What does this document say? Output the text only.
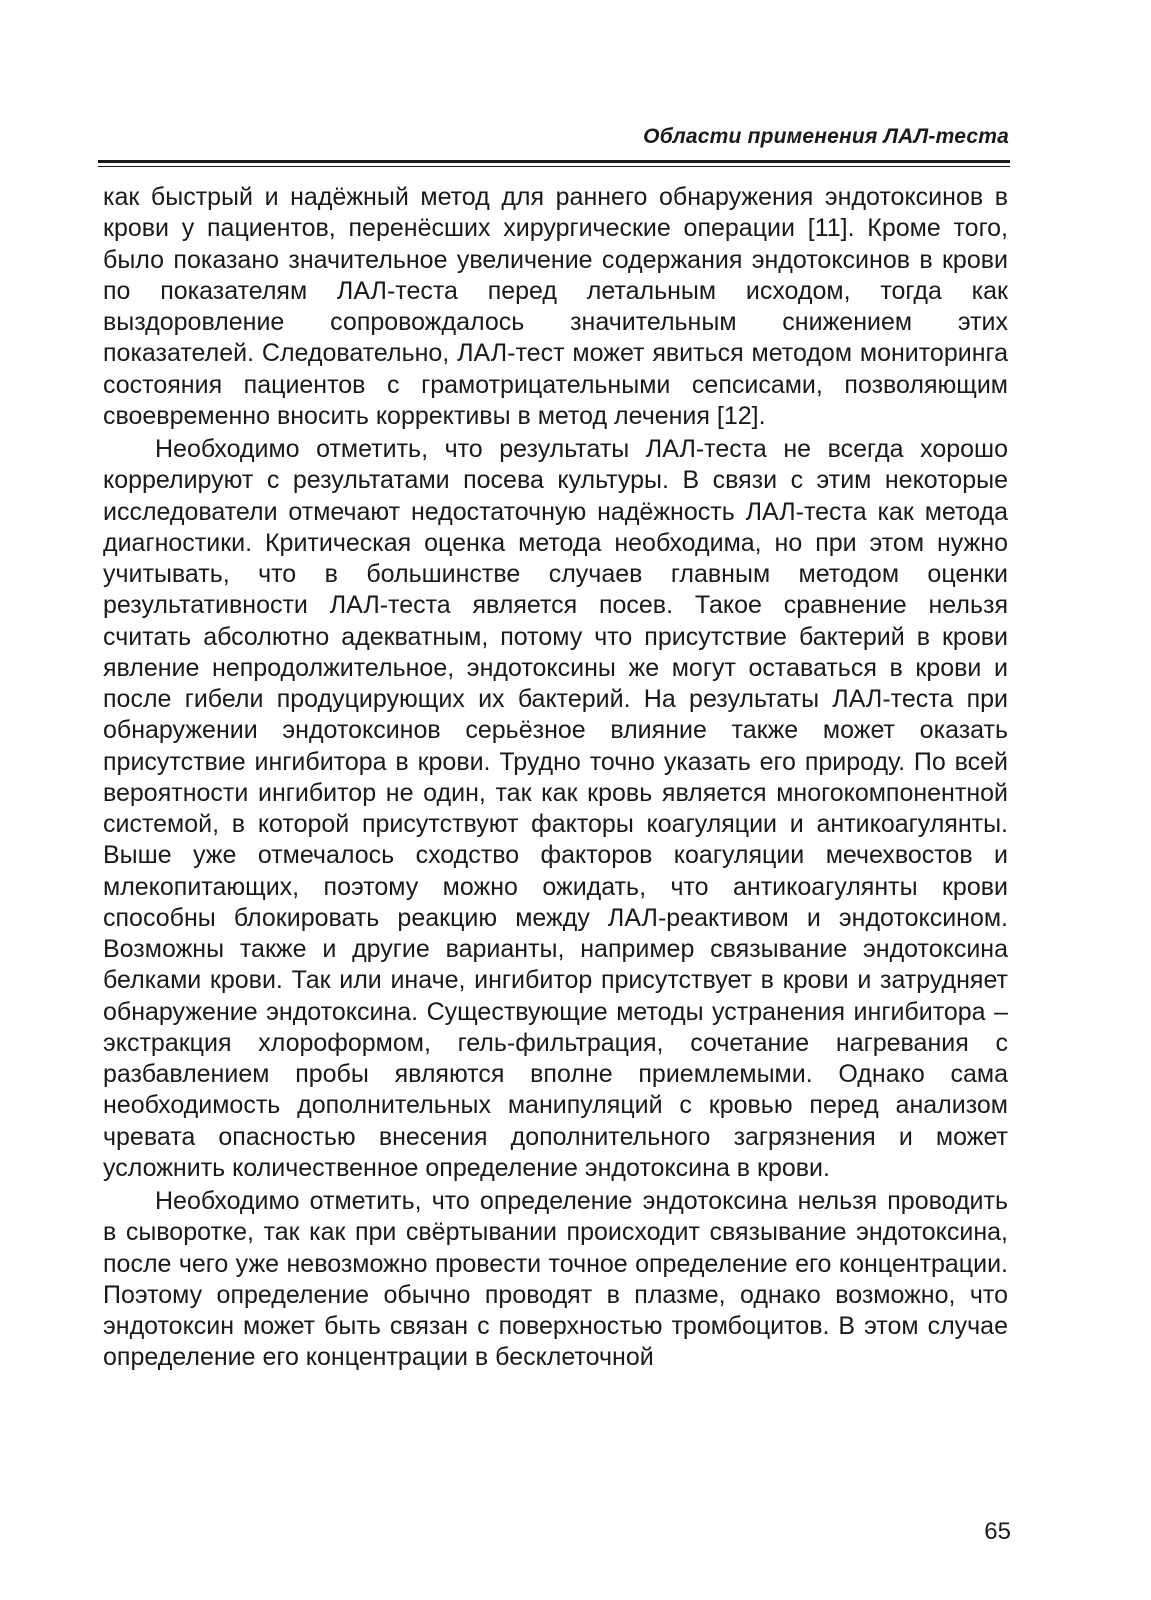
Области применения ЛАЛ-теста

как быстрый и надёжный метод для раннего обнаружения эндотоксинов в крови у пациентов, перенёсших хирургические операции [11]. Кроме того, было показано значительное увеличение содержания эндотоксинов в крови по показателям ЛАЛ-теста перед летальным исходом, тогда как выздоровление сопровождалось значительным снижением этих показателей. Следовательно, ЛАЛ-тест может явиться методом мониторинга состояния пациентов с грамотрицательными сепсисами, позволяющим своевременно вносить коррективы в метод лечения [12].

Необходимо отметить, что результаты ЛАЛ-теста не всегда хорошо коррелируют с результатами посева культуры. В связи с этим некоторые исследователи отмечают недостаточную надёжность ЛАЛ-теста как метода диагностики. Критическая оценка метода необходима, но при этом нужно учитывать, что в большинстве случаев главным методом оценки результативности ЛАЛ-теста является посев. Такое сравнение нельзя считать абсолютно адекватным, потому что присутствие бактерий в крови явление непродолжительное, эндотоксины же могут оставаться в крови и после гибели продуцирующих их бактерий. На результаты ЛАЛ-теста при обнаружении эндотоксинов серьёзное влияние также может оказать присутствие ингибитора в крови. Трудно точно указать его природу. По всей вероятности ингибитор не один, так как кровь является многокомпонентной системой, в которой присутствуют факторы коагуляции и антикоагулянты. Выше уже отмечалось сходство факторов коагуляции мечехвостов и млекопитающих, поэтому можно ожидать, что антикоагулянты крови способны блокировать реакцию между ЛАЛ-реактивом и эндотоксином. Возможны также и другие варианты, например связывание эндотоксина белками крови. Так или иначе, ингибитор присутствует в крови и затрудняет обнаружение эндотоксина. Существующие методы устранения ингибитора – экстракция хлороформом, гель-фильтрация, сочетание нагревания с разбавлением пробы являются вполне приемлемыми. Однако сама необходимость дополнительных манипуляций с кровью перед анализом чревата опасностью внесения дополнительного загрязнения и может усложнить количественное определение эндотоксина в крови.

Необходимо отметить, что определение эндотоксина нельзя проводить в сыворотке, так как при свёртывании происходит связывание эндотоксина, после чего уже невозможно провести точное определение его концентрации. Поэтому определение обычно проводят в плазме, однако возможно, что эндотоксин может быть связан с поверхностью тромбоцитов. В этом случае определение его концентрации в бесклеточной

65
